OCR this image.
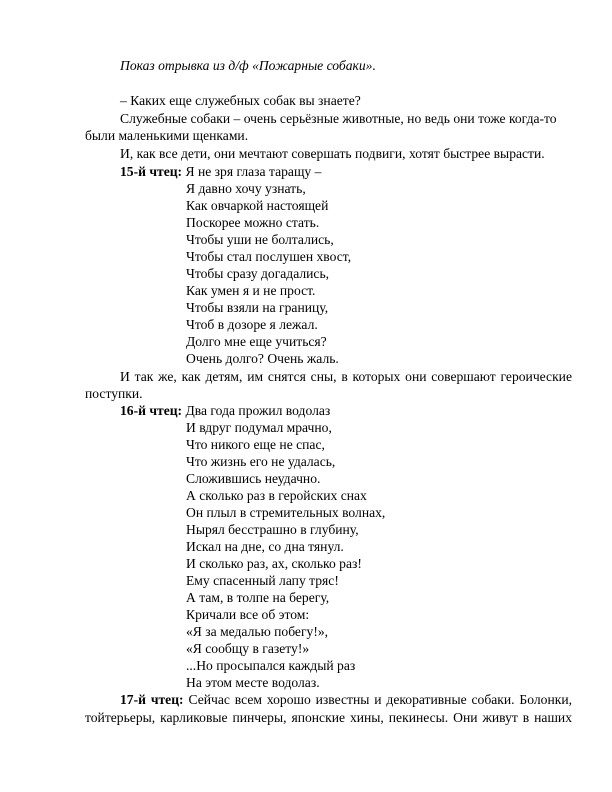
Показ отрывка из д/ф «Пожарные собаки».
– Каких еще служебных собак вы знаете?
Служебные собаки – очень серьёзные животные, но ведь они тоже когда-то
были маленькими щенками.
И, как все дети, они мечтают совершать подвиги, хотят быстрее вырасти.
15-й чтец: Я не зря глаза таращу –
Я давно хочу узнать,
Как овчаркой настоящей
Поскорее можно стать.
Чтобы уши не болтались,
Чтобы стал послушен хвост,
Чтобы сразу догадались,
Как умен я и не прост.
Чтобы взяли на границу,
Чтоб в дозоре я лежал.
Долго мне еще учиться?
Очень долго? Очень жаль.
И так же, как детям, им снятся сны, в которых они совершают героические
поступки.
16-й чтец: Два года прожил водолаз
И вдруг подумал мрачно,
Что никого еще не спас,
Что жизнь его не удалась,
Сложившись неудачно.
А сколько раз в геройских снах
Он плыл в стремительных волнах,
Нырял бесстрашно в глубину,
Искал на дне, со дна тянул.
И сколько раз, ах, сколько раз!
Ему спасенный лапу тряс!
А там, в толпе на берегу,
Кричали все об этом:
«Я за медалью побегу!»,
«Я сообщу в газету!»
...Но просыпался каждый раз
На этом месте водолаз.
17-й чтец: Сейчас всем хорошо известны и декоративные собаки. Болонки,
тойтерьеры, карликовые пинчеры, японские хины, пекинесы. Они живут в наших
